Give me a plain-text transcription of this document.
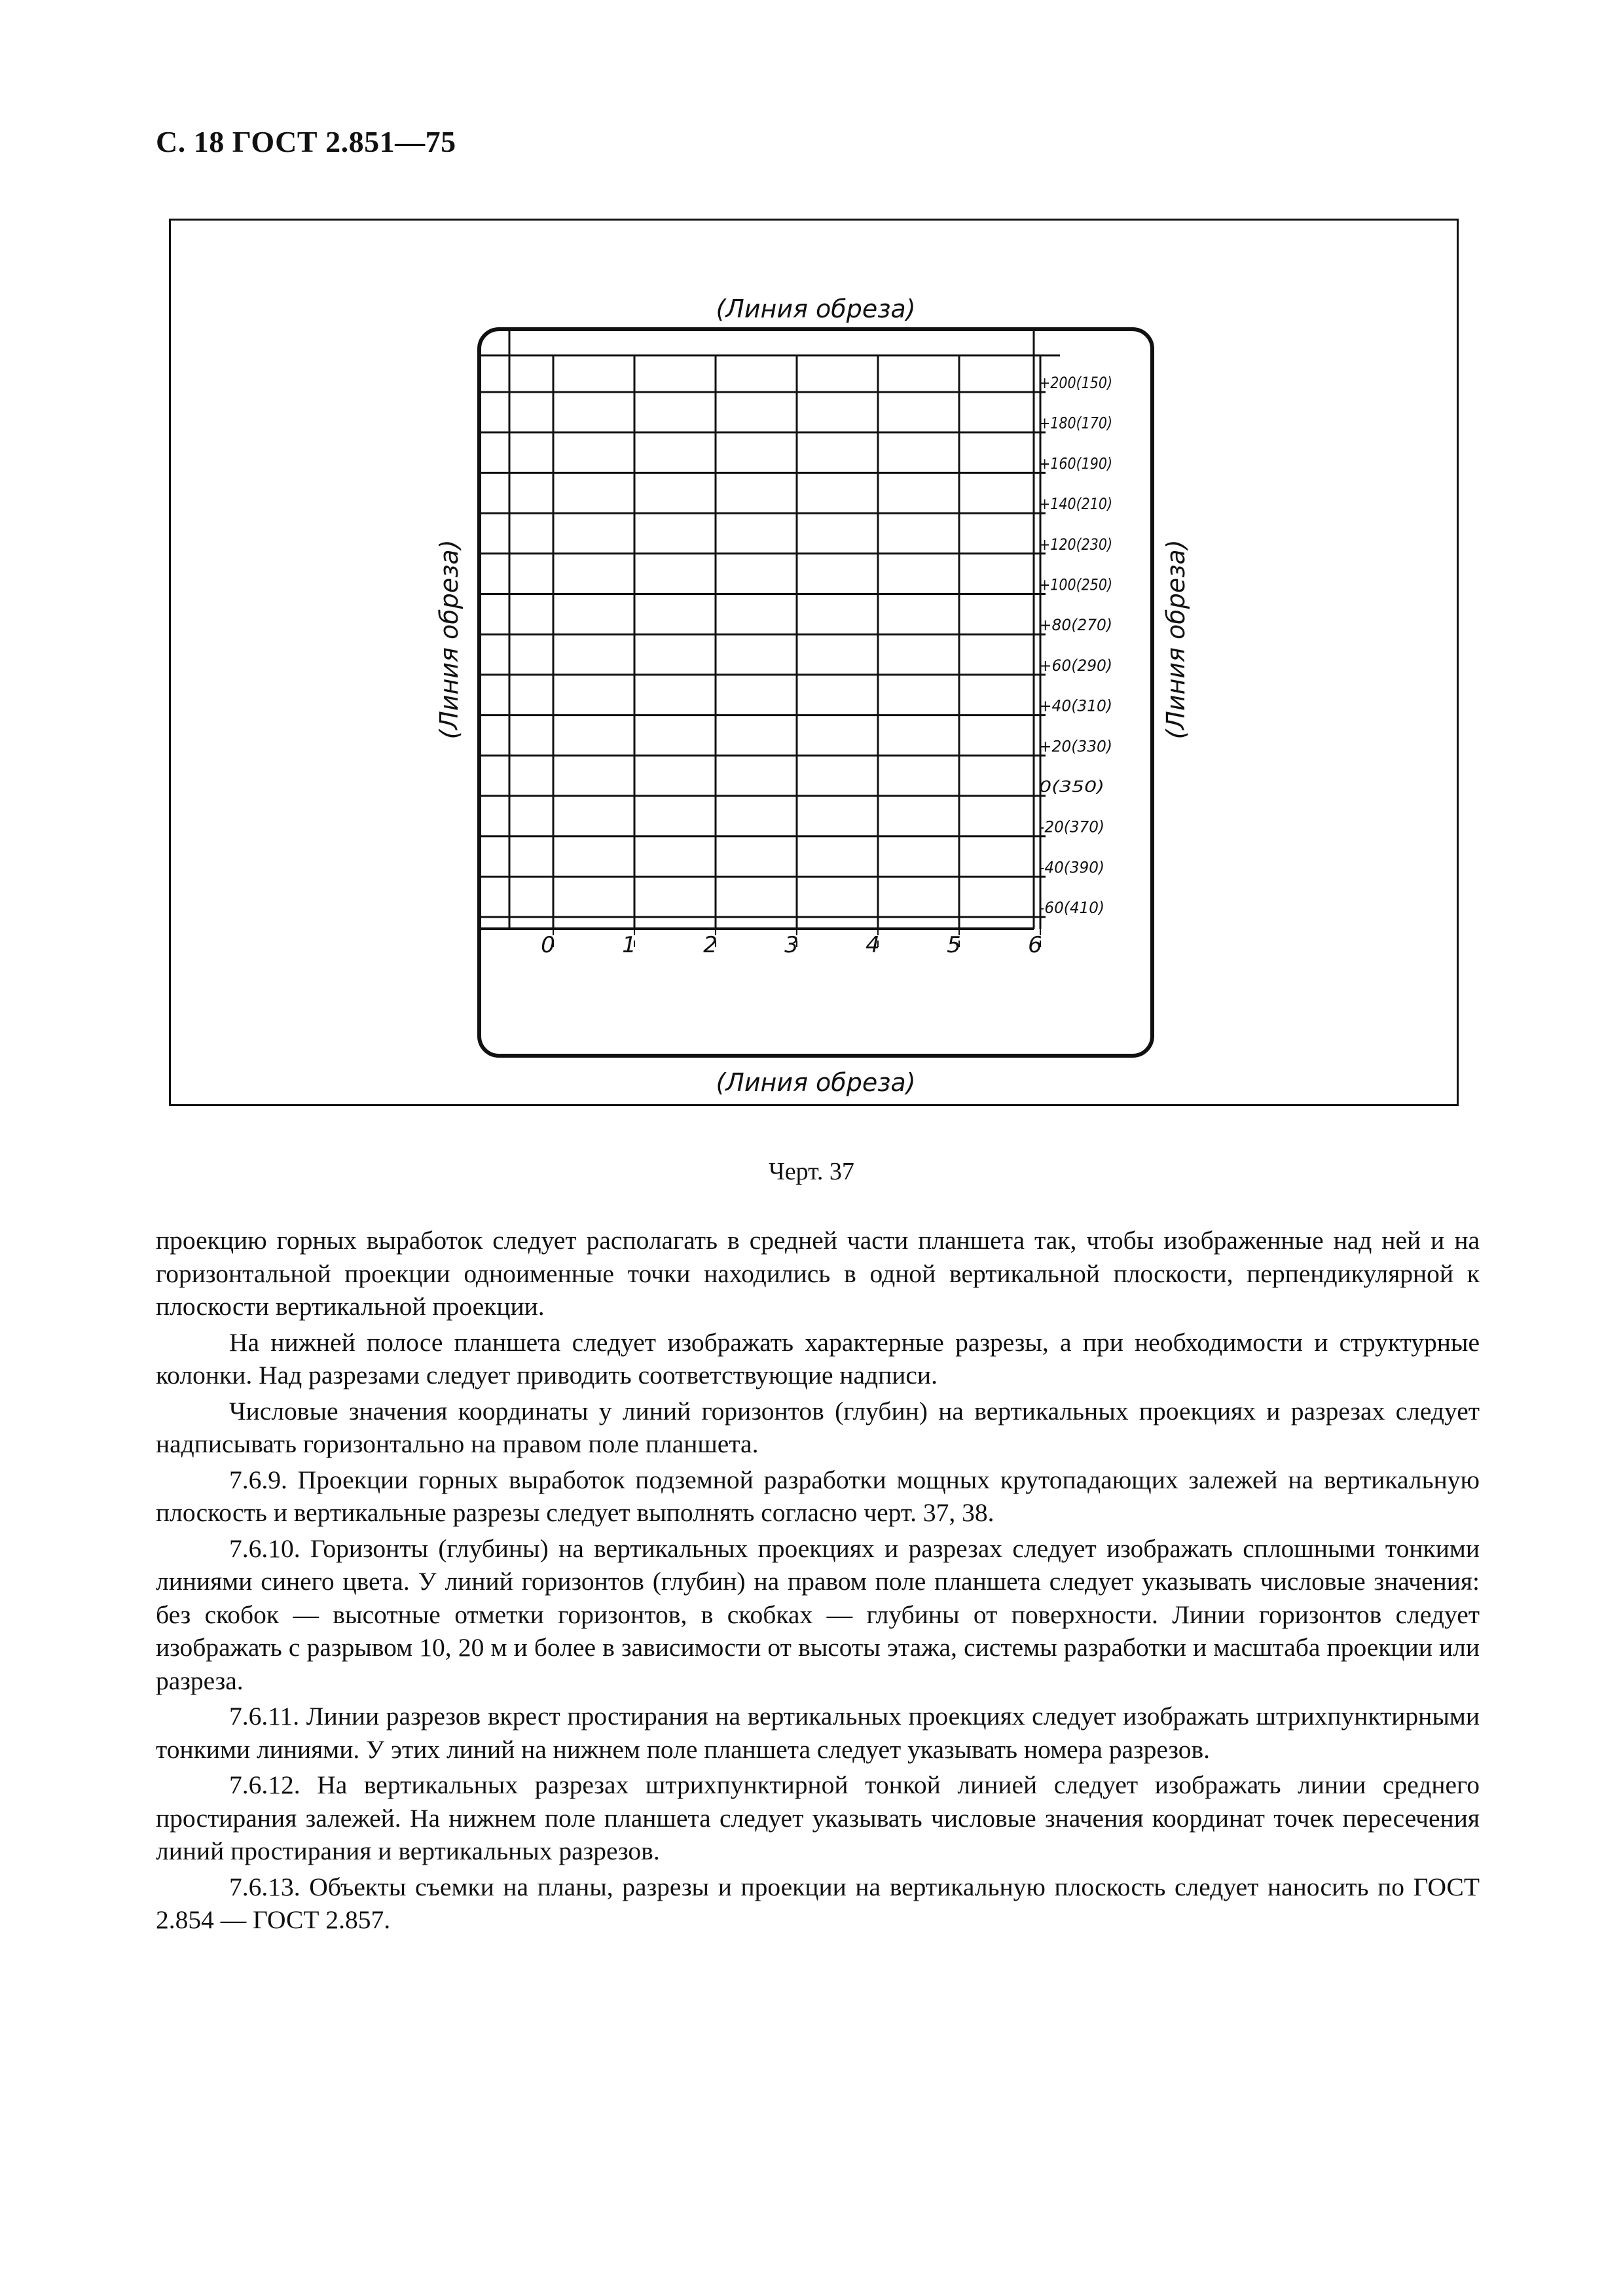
С. 18 ГОСТ 2.851—75
(Линия обреза)
(Линия обреза)
(Линия обреза)	(Линия обреза)
+200(150)
+180(170)
+160(190)
+140(210)
+120(230)
+100(250)
+80(270)
+60(290)
+40(310)
+20(330)
0(350)
-20(370)
-40(390)
-60(410)
0	1	2	3	4	5	6
Черт. 37

проекцию горных выработок следует располагать в средней части планшета так, чтобы изображенные над ней и на горизонтальной проекции одноименные точки находились в одной вертикальной плоскости, перпендикулярной к плоскости вертикальной проекции.

На нижней полосе планшета следует изображать характерные разрезы, а при необходимости и структурные колонки. Над разрезами следует приводить соответствующие надписи.

Числовые значения координаты у линий горизонтов (глубин) на вертикальных проекциях и разрезах следует надписывать горизонтально на правом поле планшета.

7.6.9. Проекции горных выработок подземной разработки мощных крутопадающих залежей на вертикальную плоскость и вертикальные разрезы следует выполнять согласно черт. 37, 38.

7.6.10. Горизонты (глубины) на вертикальных проекциях и разрезах следует изображать сплошными тонкими линиями синего цвета. У линий горизонтов (глубин) на правом поле планшета следует указывать числовые значения: без скобок — высотные отметки горизонтов, в скобках — глубины от поверхности. Линии горизонтов следует изображать с разрывом 10, 20 м и более в зависимости от высоты этажа, системы разработки и масштаба проекции или разреза.

7.6.11. Линии разрезов вкрест простирания на вертикальных проекциях следует изображать штрихпунктирными тонкими линиями. У этих линий на нижнем поле планшета следует указывать номера разрезов.

7.6.12. На вертикальных разрезах штрихпунктирной тонкой линией следует изображать линии среднего простирания залежей. На нижнем поле планшета следует указывать числовые значения координат точек пересечения линий простирания и вертикальных разрезов.

7.6.13. Объекты съемки на планы, разрезы и проекции на вертикальную плоскость следует наносить по ГОСТ 2.854 — ГОСТ 2.857.
